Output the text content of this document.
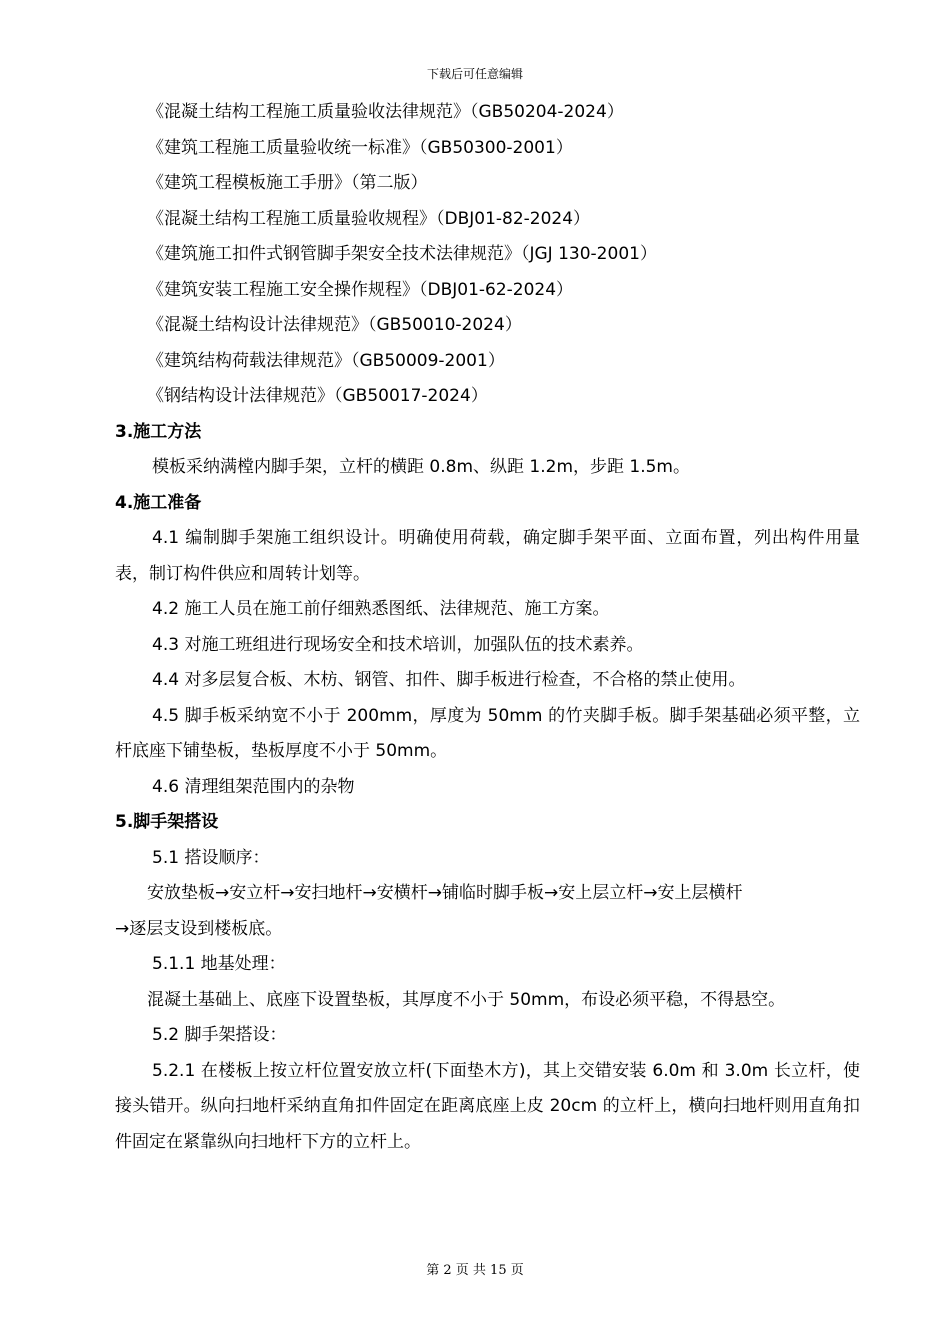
下载后可任意编辑
《混凝土结构工程施工质量验收法律规范》（GB50204-2024）
《建筑工程施工质量验收统一标准》（GB50300-2001）
《建筑工程模板施工手册》（第二版）
《混凝土结构工程施工质量验收规程》（DBJ01-82-2024）
《建筑施工扣件式钢管脚手架安全技术法律规范》（JGJ 130-2001）
《建筑安装工程施工安全操作规程》（DBJ01-62-2024）
《混凝土结构设计法律规范》（GB50010-2024）
《建筑结构荷载法律规范》（GB50009-2001）
《钢结构设计法律规范》（GB50017-2024）
3.施工方法
模板采纳满樘内脚手架，立杆的横距 0.8m、纵距 1.2m，步距 1.5m。
4.施工准备
4.1 编制脚手架施工组织设计。明确使用荷载，确定脚手架平面、立面布置，列出构件用量表，制订构件供应和周转计划等。
4.2 施工人员在施工前仔细熟悉图纸、法律规范、施工方案。
4.3 对施工班组进行现场安全和技术培训，加强队伍的技术素养。
4.4 对多层复合板、木枋、钢管、扣件、脚手板进行检查，不合格的禁止使用。
4.5 脚手板采纳宽不小于 200mm，厚度为 50mm 的竹夹脚手板。脚手架基础必须平整，立杆底座下铺垫板，垫板厚度不小于 50mm。
4.6 清理组架范围内的杂物
5.脚手架搭设
5.1 搭设顺序：
安放垫板→安立杆→安扫地杆→安横杆→铺临时脚手板→安上层立杆→安上层横杆
→逐层支设到楼板底。
5.1.1 地基处理：
混凝土基础上、底座下设置垫板，其厚度不小于 50mm，布设必须平稳，不得悬空。
5.2 脚手架搭设：
5.2.1 在楼板上按立杆位置安放立杆(下面垫木方)，其上交错安装 6.0m 和 3.0m 长立杆，使接头错开。纵向扫地杆采纳直角扣件固定在距离底座上皮 20cm 的立杆上，横向扫地杆则用直角扣件固定在紧靠纵向扫地杆下方的立杆上。
第 2 页 共 15 页
